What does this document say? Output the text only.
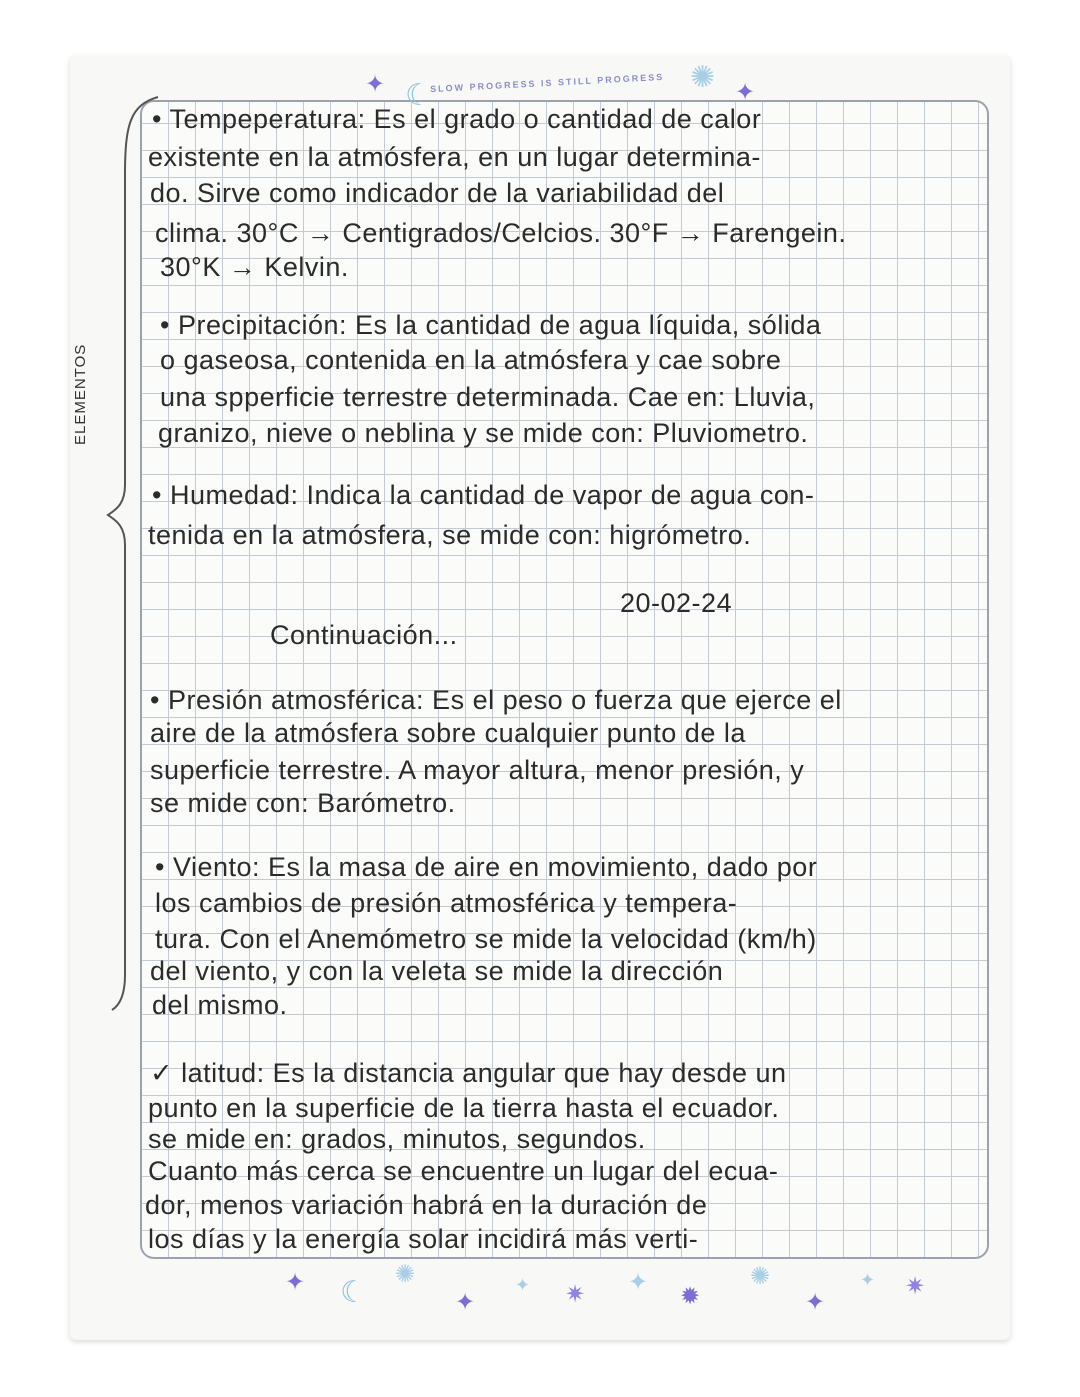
✦ ☾
SLOW PROGRESS IS STILL PROGRESS ✺ ✦
ELEMENTOS
• Tempeperatura: Es el grado o cantidad de calor
existente en la atmósfera, en un lugar determina-
do. Sirve como indicador de la variabilidad del
clima. 30°C → Centigrados/Celcios. 30°F → Farengein.
30°K → Kelvin.
• Precipitación: Es la cantidad de agua líquida, sólida
o gaseosa, contenida en la atmósfera y cae sobre
una spperficie terrestre determinada. Cae en: Lluvia,
granizo, nieve o neblina y se mide con: Pluviometro.
• Humedad: Indica la cantidad de vapor de agua con-
tenida en la atmósfera, se mide con: higrómetro.
20-02-24
Continuación...
• Presión atmosférica: Es el peso o fuerza que ejerce el
aire de la atmósfera sobre cualquier punto de la
superficie terrestre. A mayor altura, menor presión, y
se mide con: Barómetro.
• Viento: Es la masa de aire en movimiento, dado por
los cambios de presión atmosférica y tempera-
tura. Con el Anemómetro se mide la velocidad (km/h)
del viento, y con la veleta se mide la dirección
del mismo.
✓ latitud: Es la distancia angular que hay desde un
punto en la superficie de la tierra hasta el ecuador.
se mide en: grados, minutos, segundos.
Cuanto más cerca se encuentre un lugar del ecua-
dor, menos variación habrá en la duración de
los días y la energía solar incidirá más verti-
✦ ☾
✺
✦
✦ ✷ ✦
✹
✺
✦
✦ ✷
